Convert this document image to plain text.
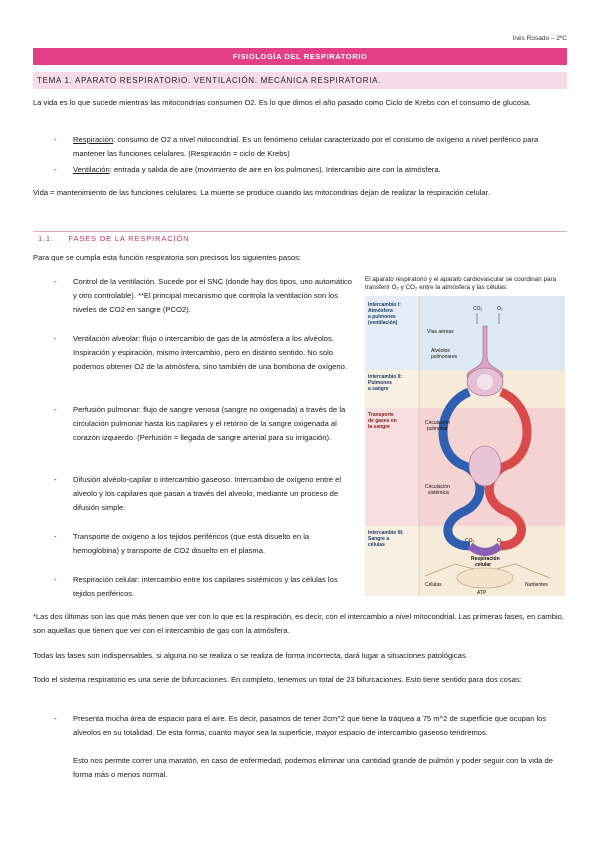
Inés Rosado – 2ºC
FISIOLOGÍA DEL RESPIRATORIO
TEMA 1. APARATO RESPIRATORIO. VENTILACIÓN. MECÁNICA RESPIRATORIA.

La vida es lo que sucede mientras las mitocondrias consumen O2. Es lo que dimos el año pasado como Ciclo de Krebs con el consumo de glucosa.

- Respiración: consumo de O2 a nivel mitocondrial. Es un fenómeno celular caracterizado por el consumo de oxígeno a nivel periférico para mantener las funciones celulares. (Respiración = ciclo de Krebs)
- Ventilación: entrada y salida de aire (movimiento de aire en los pulmones). Intercambio aire con la atmósfera.

Vida = mantenimiento de las funciones celulares. La muerte se produce cuando las mitocondrias dejan de realizar la respiración celular.

1.1. FASES DE LA RESPIRACIÓN

Para que se cumpla esta función respiratoria son precisos los siguientes pasos:

- Control de la ventilación. Sucede por el SNC (donde hay dos tipos, uno automático y otro controlable). **El principal mecanismo que controla la ventilación son los niveles de CO2 en sangre (PCO2).
- Ventilación alveolar: flujo o intercambio de gas de la atmósfera a los alvéolos. Inspiración y espiración, mismo intercambio, pero en distinto sentido. No solo podemos obtener O2 de la atmósfera, sino también de una bombona de oxígeno.
- Perfusión pulmonar: flujo de sangre venosa (sangre no oxigenada) a través de la circulación pulmonar hasta los capilares y el retorno de la sangre oxigenada al corazón izquierdo. (Perfusión = llegada de sangre arterial para su irrigación).
- Difusión alvéolo-capilar o intercambio gaseoso. Intercambio de oxígeno entre el alveolo y los capilares que pasan a través del alveolo, mediante un proceso de difusión simple.
- Transporte de oxígeno a los tejidos periféricos (que está disuelto en la hemoglobina) y transporte de CO2 disuelto en el plasma.
- Respiración celular: intercambio entre los capilares sistémicos y las células los tejidos periféricos.
El aparato respiratorio y el aparato cardiovascular se coordinan para transferir O₂ y CO₂ entre la atmósfera y las células.
Intercambio I: Atmósfera a pulmones (ventilación)
Intercambio II: Pulmones a sangre
Transporte de gases en la sangre
Intercambio III: Sangre a células
CO₂	O₂
Vías aéreas
Alvéolos pulmonares
Circulación pulmonar
Circulación sistémica
CO₂	O₂
Respiración celular
Células	Nutrientes
ATP

*Las dos últimas son las que más tienen que ver con lo que es la respiración, es decir, con el intercambio a nivel mitocondrial. Las primeras fases, en cambio, son aquellas que tienen que ver con el intercambio de gas con la atmósfera.

Todas las fases son indispensables, si alguna no se realiza o se realiza de forma incorrecta, dará lugar a situaciones patológicas.

Todo el sistema respiratorio es una serie de bifurcaciones. En completo, tenemos un total de 23 bifurcaciones. Esto tiene sentido para dos cosas:

- Presenta mucha área de espacio para el aire. Es decir, pasamos de tener 2cm^2 que tiene la tráquea a 75 m^2 de superficie que ocupan los alveolos en su totalidad. De esta forma, cuanto mayor sea la superficie, mayor espacio de intercambio gaseoso tendremos.
Esto nos permite correr una maratón, en caso de enfermedad, podemos eliminar una cantidad grande de pulmón y poder seguir con la vida de forma más o menos normal.
